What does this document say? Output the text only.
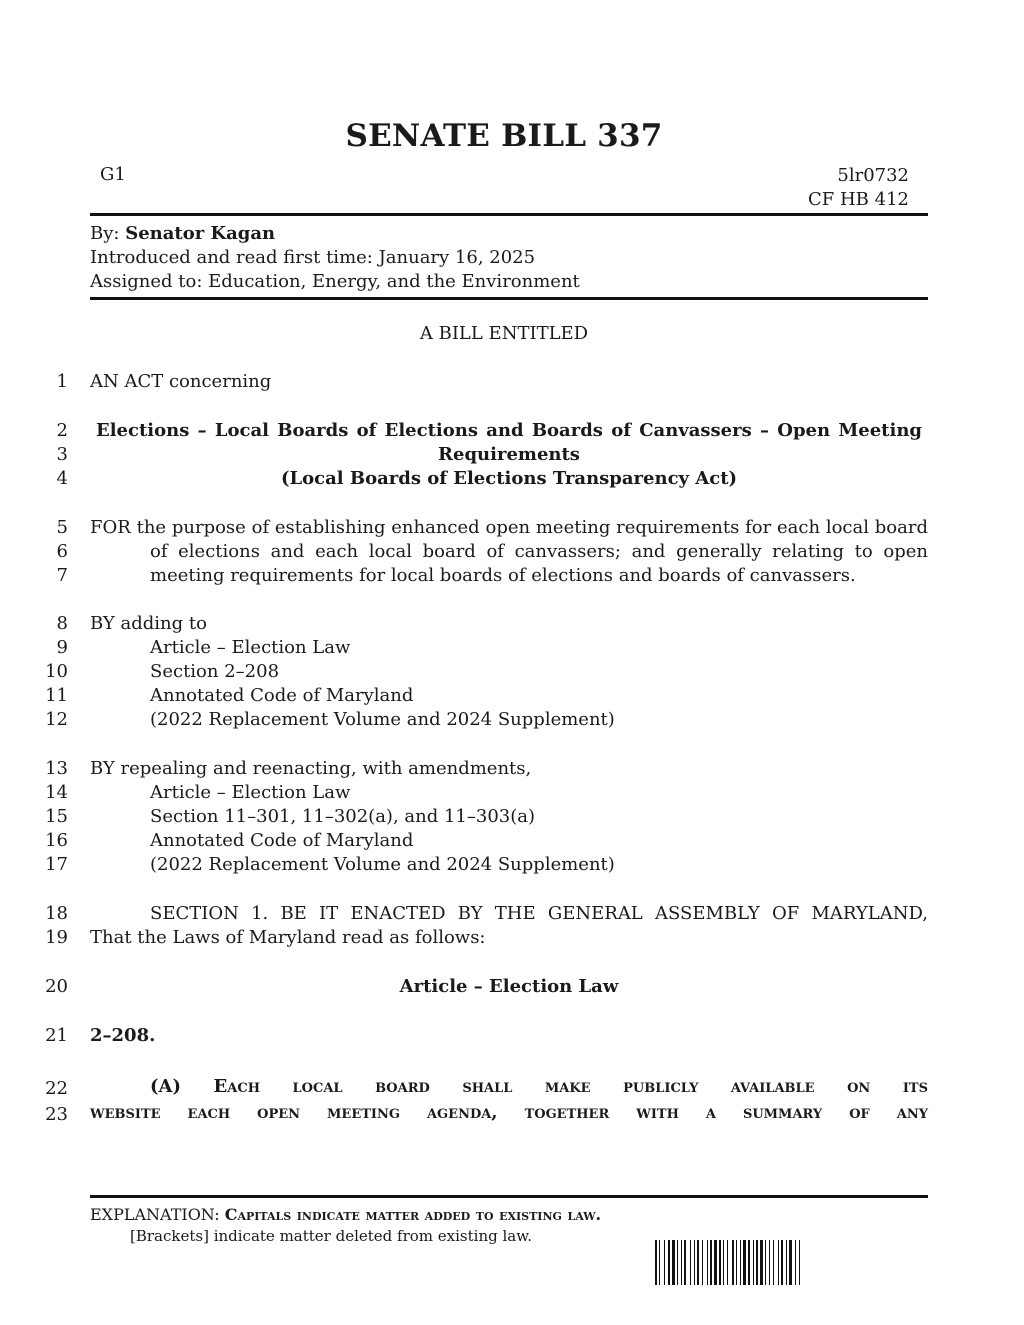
SENATE BILL 337
G1	5lr0732
CF HB 412
By: Senator Kagan
Introduced and read first time: January 16, 2025
Assigned to: Education, Energy, and the Environment
A BILL ENTITLED
1 AN ACT concerning
2 Elections – Local Boards of Elections and Boards of Canvassers – Open Meeting
3	Requirements
4	(Local Boards of Elections Transparency Act)
5 FOR the purpose of establishing enhanced open meeting requirements for each local board
6	of elections and each local board of canvassers; and generally relating to open
7	meeting requirements for local boards of elections and boards of canvassers.
8 BY adding to
9	Article – Election Law
10	Section 2–208
11	Annotated Code of Maryland
12	(2022 Replacement Volume and 2024 Supplement)
13 BY repealing and reenacting, with amendments,
14	Article – Election Law
15	Section 11–301, 11–302(a), and 11–303(a)
16	Annotated Code of Maryland
17	(2022 Replacement Volume and 2024 Supplement)
18	SECTION 1. BE IT ENACTED BY THE GENERAL ASSEMBLY OF MARYLAND,
19 That the Laws of Maryland read as follows:
20	Article – Election Law
21 2–208.
22	(A) Each local board shall make publicly available on its
23 website each open meeting agenda, together with a summary of any
EXPLANATION: Capitals indicate matter added to existing law.
[Brackets] indicate matter deleted from existing law.
